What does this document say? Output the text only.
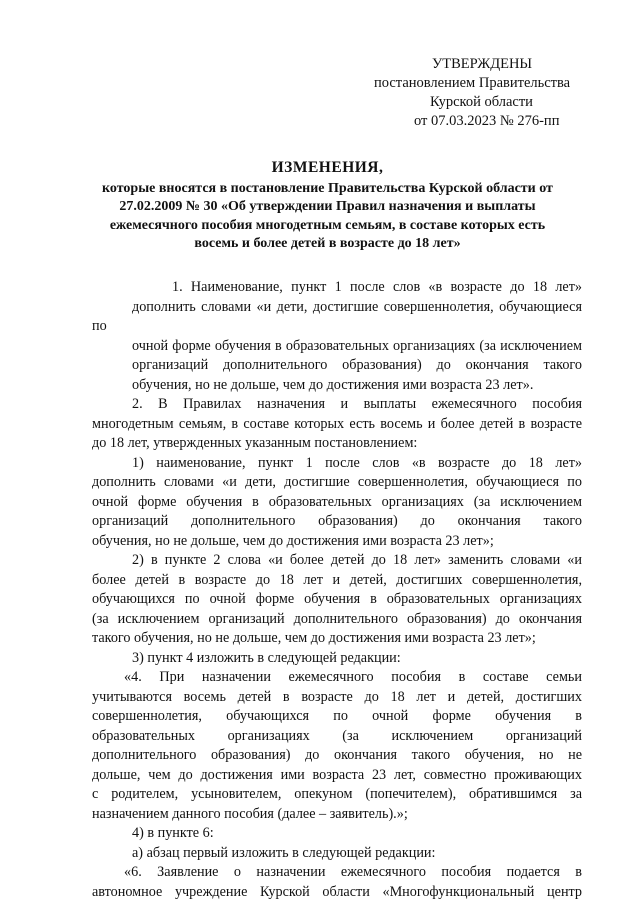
УТВЕРЖДЕНЫ
постановлением Правительства
Курской области
от 07.03.2023 № 276-пп
ИЗМЕНЕНИЯ,
которые вносятся в постановление Правительства Курской области от
27.02.2009 № 30 «Об утверждении Правил назначения и выплаты
ежемесячного пособия многодетным семьям, в составе которых есть
восемь и более детей в возрасте до 18 лет»

1. Наименование, пункт 1 после слов «в возрасте до 18 лет»
дополнить словами «и дети, достигшие совершеннолетия, обучающиеся по
очной форме обучения в образовательных организациях (за исключением
организаций дополнительного образования) до окончания такого
обучения, но не дольше, чем до достижения ими возраста 23 лет».

2. В Правилах назначения и выплаты ежемесячного пособия
многодетным семьям, в составе которых есть восемь и более детей в возрасте
до 18 лет, утвержденных указанным постановлением:

1) наименование, пункт 1 после слов «в возрасте до 18 лет»
дополнить словами «и дети, достигшие совершеннолетия, обучающиеся по
очной форме обучения в образовательных организациях (за исключением
организаций дополнительного образования) до окончания такого
обучения, но не дольше, чем до достижения ими возраста 23 лет»;

2) в пункте 2 слова «и более детей до 18 лет» заменить словами «и
более детей в возрасте до 18 лет и детей, достигших совершеннолетия,
обучающихся по очной форме обучения в образовательных организациях
(за исключением организаций дополнительного образования) до окончания
такого обучения, но не дольше, чем до достижения ими возраста 23 лет»;

3) пункт 4 изложить в следующей редакции:

«4. При назначении ежемесячного пособия в составе семьи
учитываются восемь детей в возрасте до 18 лет и детей, достигших
совершеннолетия, обучающихся по очной форме обучения в
образовательных организациях (за исключением организаций
дополнительного образования) до окончания такого обучения, но не
дольше, чем до достижения ими возраста 23 лет, совместно проживающих
с родителем, усыновителем, опекуном (попечителем), обратившимся за
назначением данного пособия (далее – заявитель).»;

4) в пункте 6:

а) абзац первый изложить в следующей редакции:

«6. Заявление о назначении ежемесячного пособия подается в
автономное учреждение Курской области «Многофункциональный центр
